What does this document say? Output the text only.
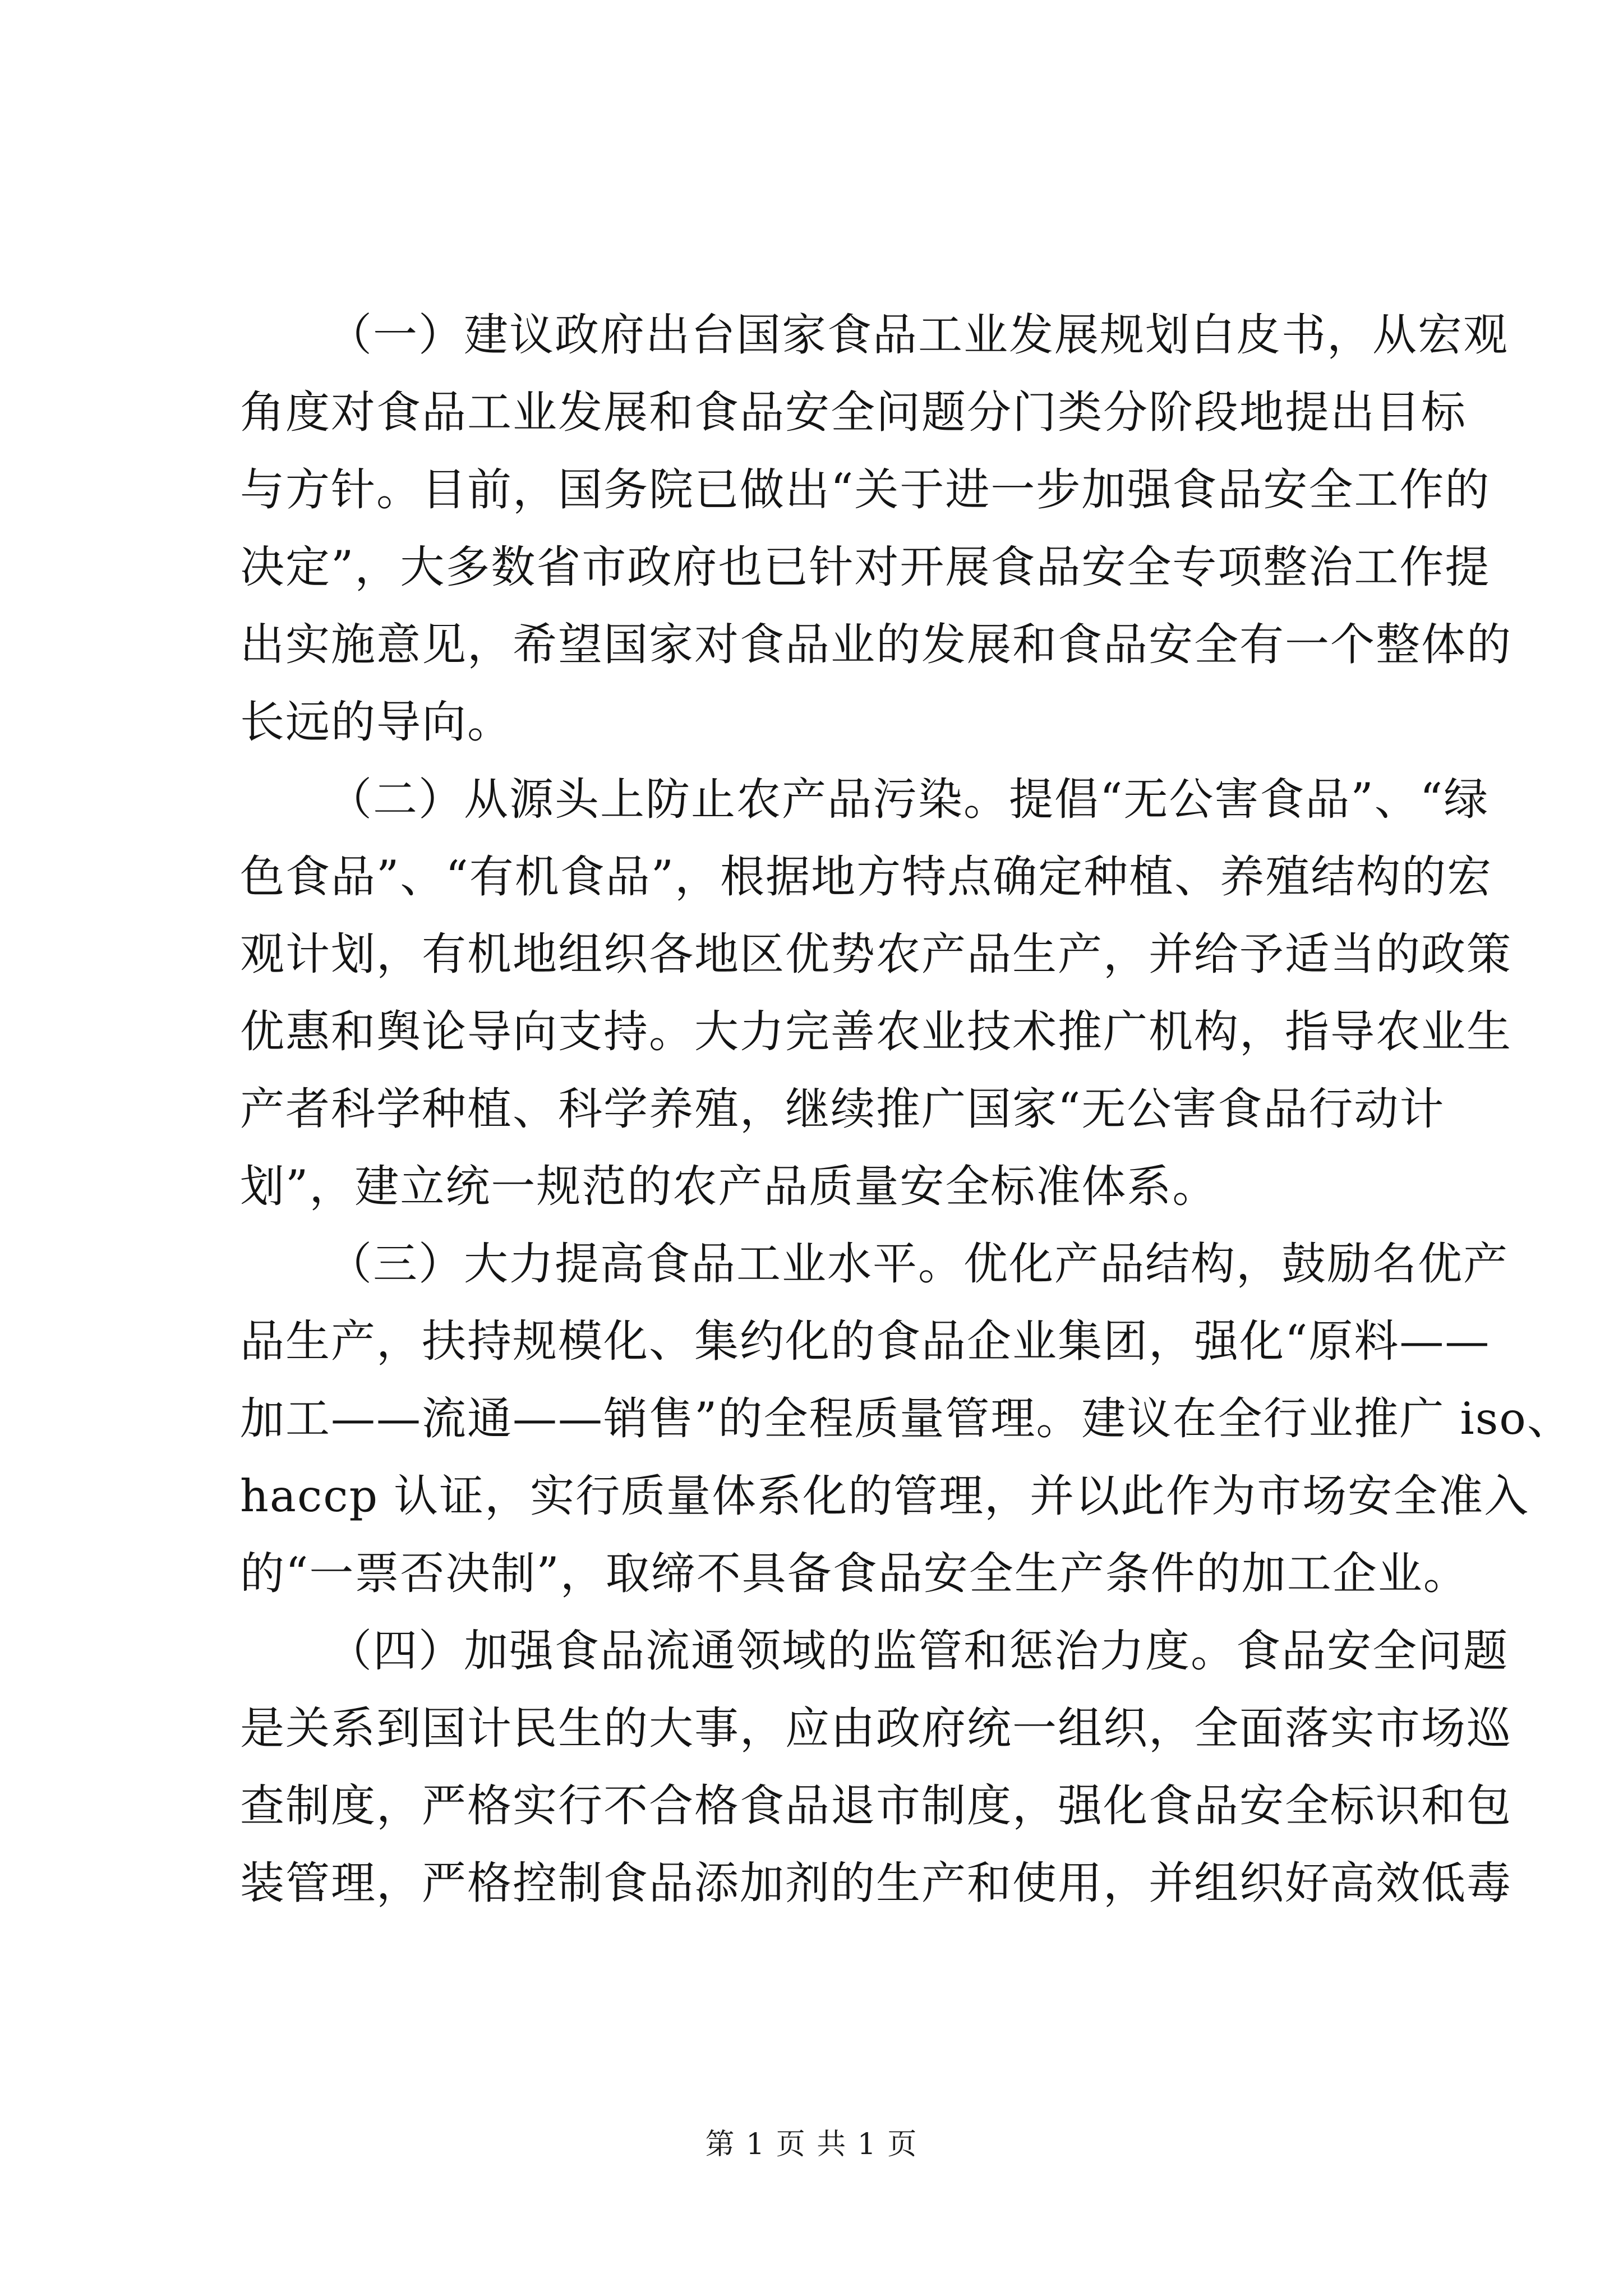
（一）建议政府出台国家食品工业发展规划白皮书，从宏观
角度对食品工业发展和食品安全问题分门类分阶段地提出目标
与方针。目前，国务院已做出“关于进一步加强食品安全工作的
决定”，大多数省市政府也已针对开展食品安全专项整治工作提
出实施意见，希望国家对食品业的发展和食品安全有一个整体的
长远的导向。
（二）从源头上防止农产品污染。提倡“无公害食品”、“绿
色食品”、“有机食品”，根据地方特点确定种植、养殖结构的宏
观计划，有机地组织各地区优势农产品生产，并给予适当的政策
优惠和舆论导向支持。大力完善农业技术推广机构，指导农业生
产者科学种植、科学养殖，继续推广国家“无公害食品行动计
划”，建立统一规范的农产品质量安全标准体系。
（三）大力提高食品工业水平。优化产品结构，鼓励名优产
品生产，扶持规模化、集约化的食品企业集团，强化“原料——
加工——流通——销售”的全程质量管理。建议在全行业推广 iso、
haccp 认证，实行质量体系化的管理，并以此作为市场安全准入
的“一票否决制”，取缔不具备食品安全生产条件的加工企业。
（四）加强食品流通领域的监管和惩治力度。食品安全问题
是关系到国计民生的大事，应由政府统一组织，全面落实市场巡
查制度，严格实行不合格食品退市制度，强化食品安全标识和包
装管理，严格控制食品添加剂的生产和使用，并组织好高效低毒
第 1 页 共 1 页
